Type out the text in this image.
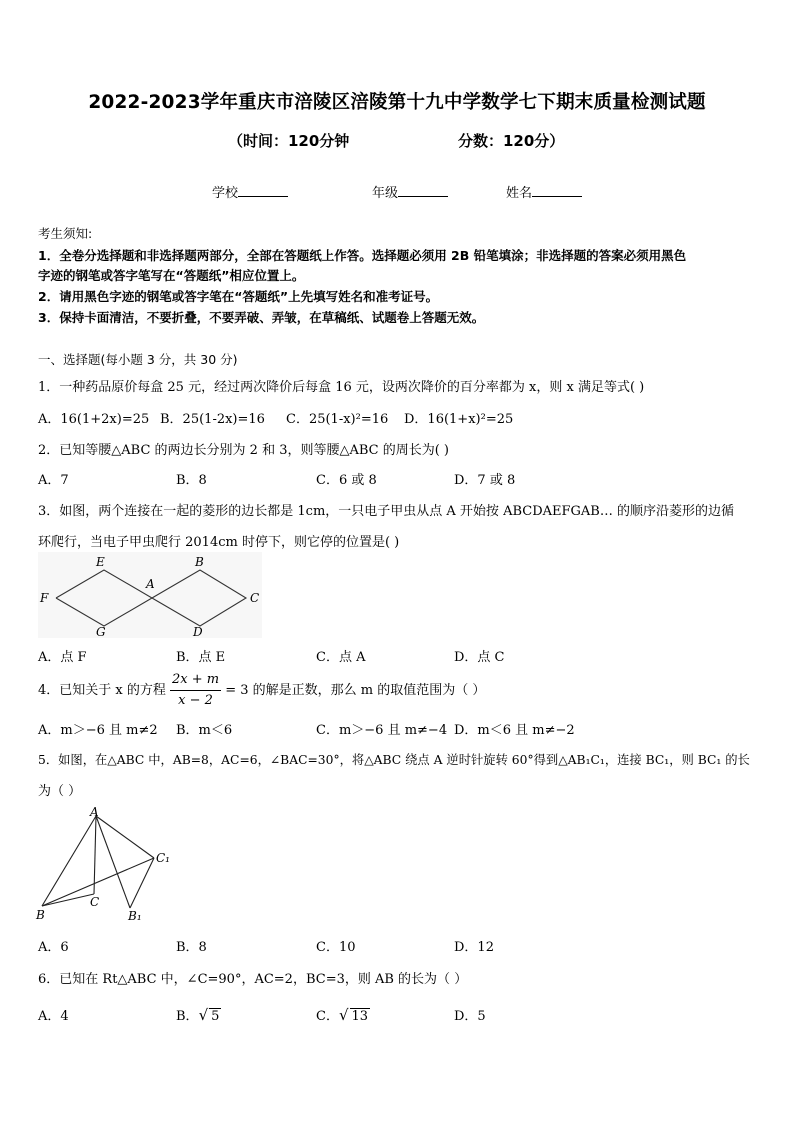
2022-2023学年重庆市涪陵区涪陵第十九中学数学七下期末质量检测试题
（时间：120分钟	分数：120分）
学校	年级	姓名
考生须知:
1．全卷分选择题和非选择题两部分，全部在答题纸上作答。选择题必须用 2B 铅笔填涂；非选择题的答案必须用黑色
字迹的钢笔或答字笔写在“答题纸”相应位置上。
2．请用黑色字迹的钢笔或答字笔在“答题纸”上先填写姓名和准考证号。
3．保持卡面清洁，不要折叠，不要弄破、弄皱，在草稿纸、试题卷上答题无效。
一、选择题(每小题 3 分，共 30 分)
1．一种药品原价每盒 25 元，经过两次降价后每盒 16 元，设两次降价的百分率都为 x，则 x 满足等式( )
A．16(1+2x)=25 B．25(1-2x)=16 C．25(1-x)²=16 D．16(1+x)²=25
2．已知等腰△ABC 的两边长分别为 2 和 3，则等腰△ABC 的周长为( )
A．7	B．8	C．6 或 8	D．7 或 8
3．如图，两个连接在一起的菱形的边长都是 1cm，一只电子甲虫从点 A 开始按 ABCDAEFGAB… 的顺序沿菱形的边循
环爬行，当电子甲虫爬行 2014cm 时停下，则它停的位置是( )
E	B
A
F	C
G	D
A．点 F	B．点 E	C．点 A	D．点 C
4．已知关于 x 的方程 $\frac{2x + m}{x - 2} = 3$ 的解是正数，那么 m 的取值范围为（ ）
A．m＞−6 且 m≠2 B．m＜6	C．m＞−6 且 m≠−4 D．m＜6 且 m≠−2
5．如图，在△ABC 中，AB=8，AC=6，∠BAC=30°，将△ABC 绕点 A 逆时针旋转 60°得到△AB₁C₁，连接 BC₁，则 BC₁ 的长
为（ ）
A
C₁
B
C
B₁
A．6	B．8	C．10	D．12
6．已知在 Rt△ABC 中，∠C=90°，AC=2，BC=3，则 AB 的长为（ ）
A．4	B．√ 5	C．√ 13	D．5
